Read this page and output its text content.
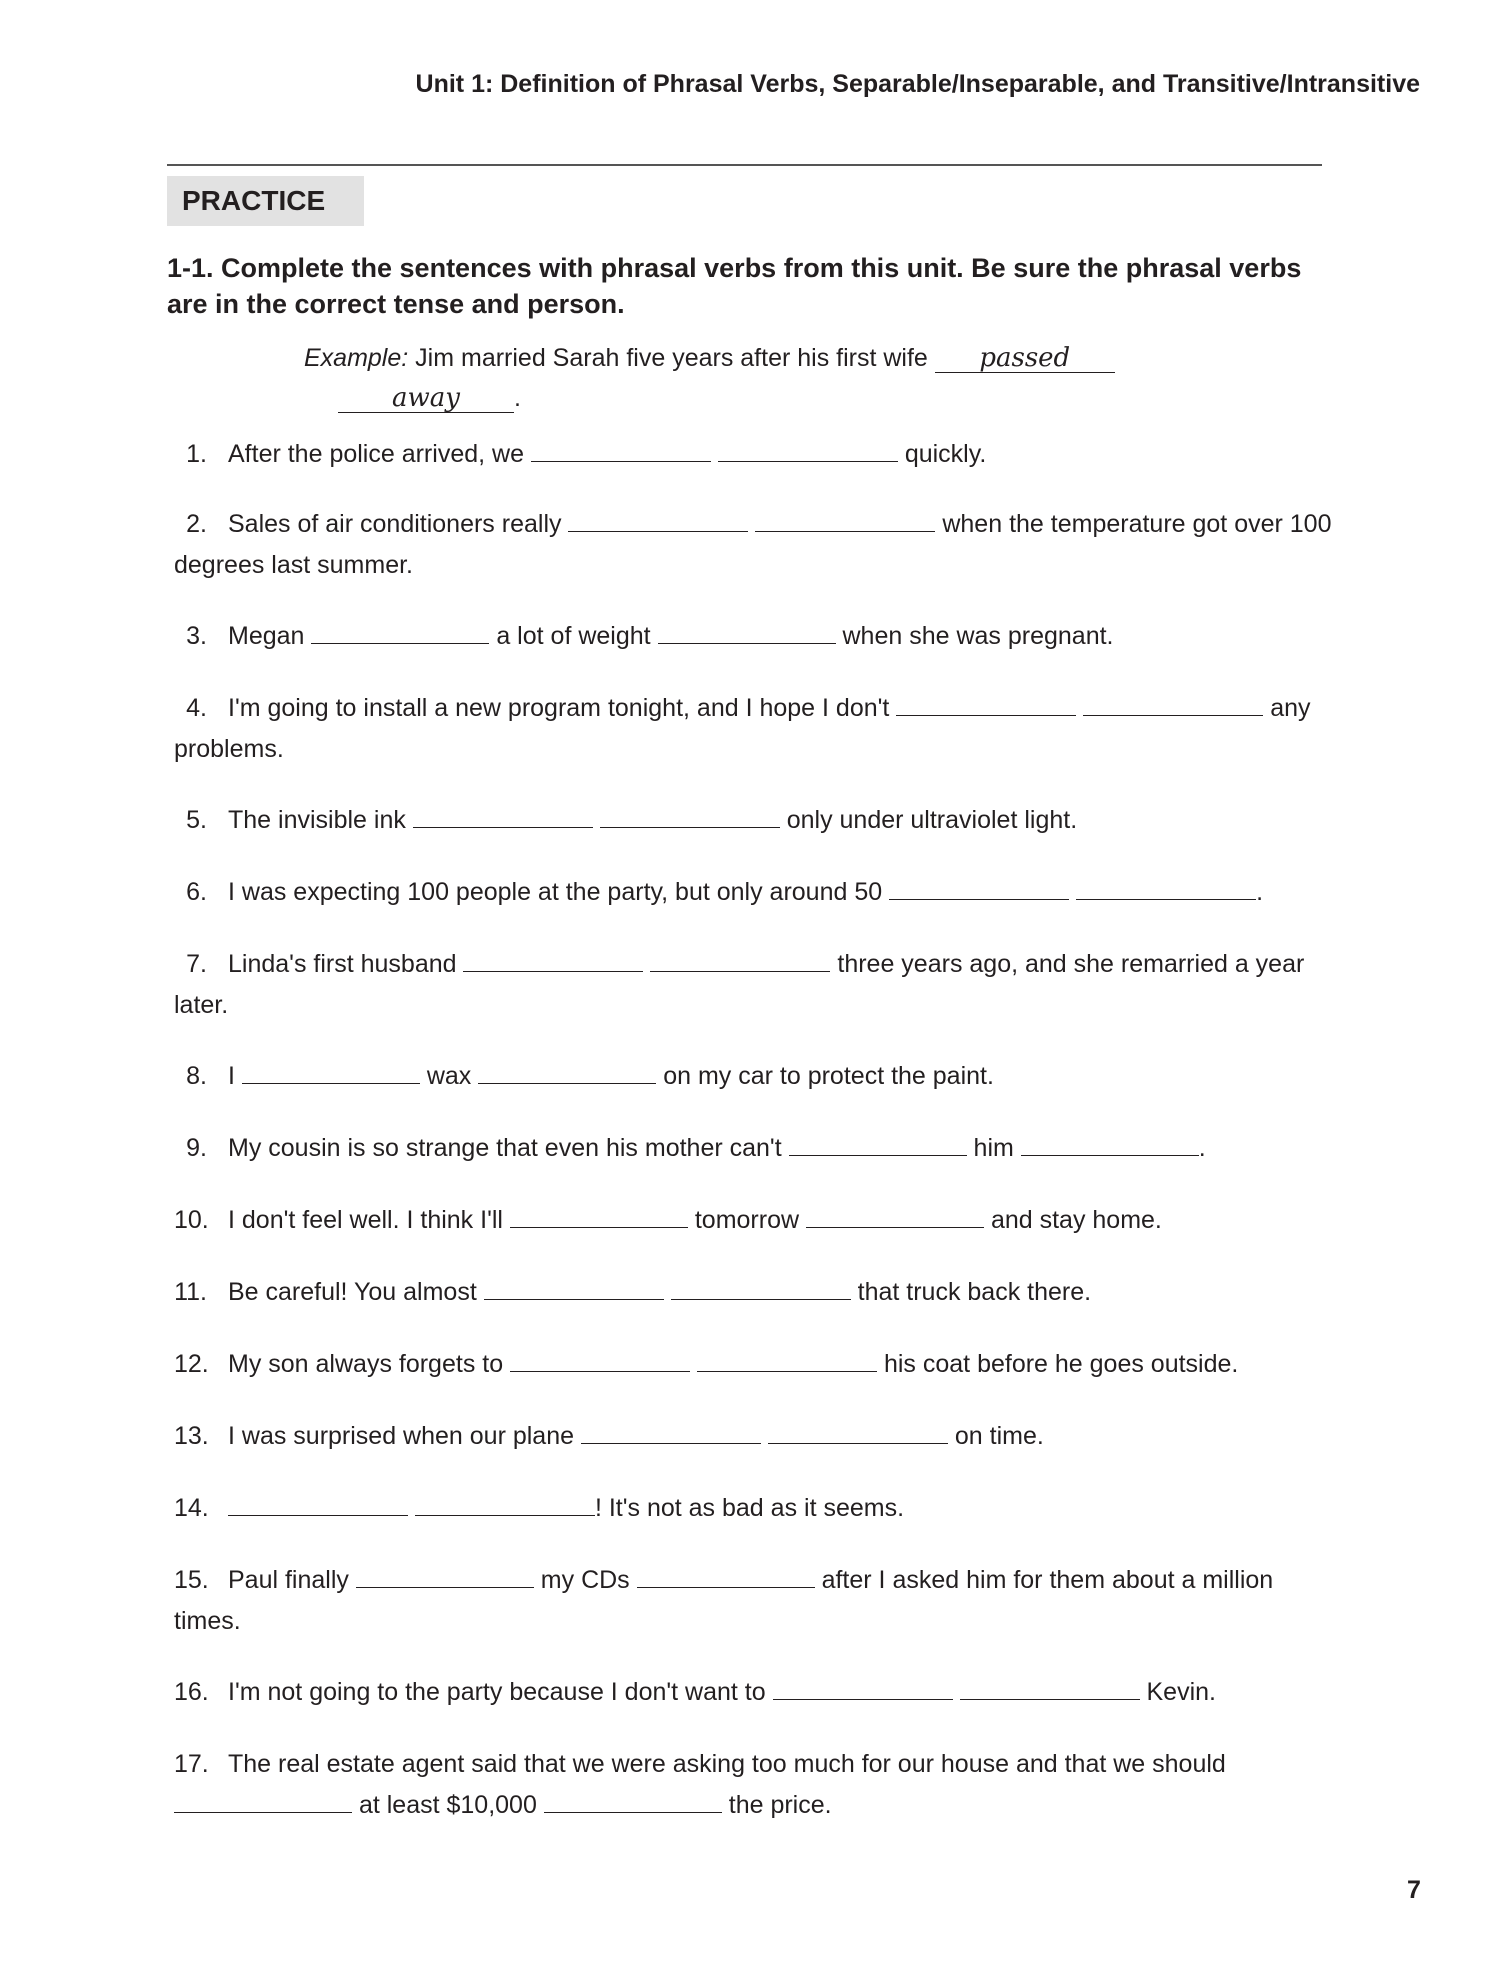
Unit 1: Definition of Phrasal Verbs, Separable/Inseparable, and Transitive/Intransitive
PRACTICE
1-1. Complete the sentences with phrasal verbs from this unit. Be sure the phrasal verbs are in the correct tense and person.
Example: Jim married Sarah five years after his first wife passed
away .
1. After the police arrived, we	quickly.
2. Sales of air conditioners really	when the temperature got over 100 degrees last summer.
3. Megan	a lot of weight	when she was pregnant.
4. I'm going to install a new program tonight, and I hope I don't	any problems.
5. The invisible ink	only under ultraviolet light.
6. I was expecting 100 people at the party, but only around 50	.
7. Linda's first husband	three years ago, and she remarried a year later.
8. I	wax	on my car to protect the paint.
9. My cousin is so strange that even his mother can't	him	.
10. I don't feel well. I think I'll	tomorrow	and stay home.
11. Be careful! You almost	that truck back there.
12. My son always forgets to	his coat before he goes outside.
13. I was surprised when our plane	on time.
14.	! It's not as bad as it seems.
15. Paul finally	my CDs	after I asked him for them about a million times.
16. I'm not going to the party because I don't want to	Kevin.
17. The real estate agent said that we were asking too much for our house and that we should  at least $10,000	the price.
7
